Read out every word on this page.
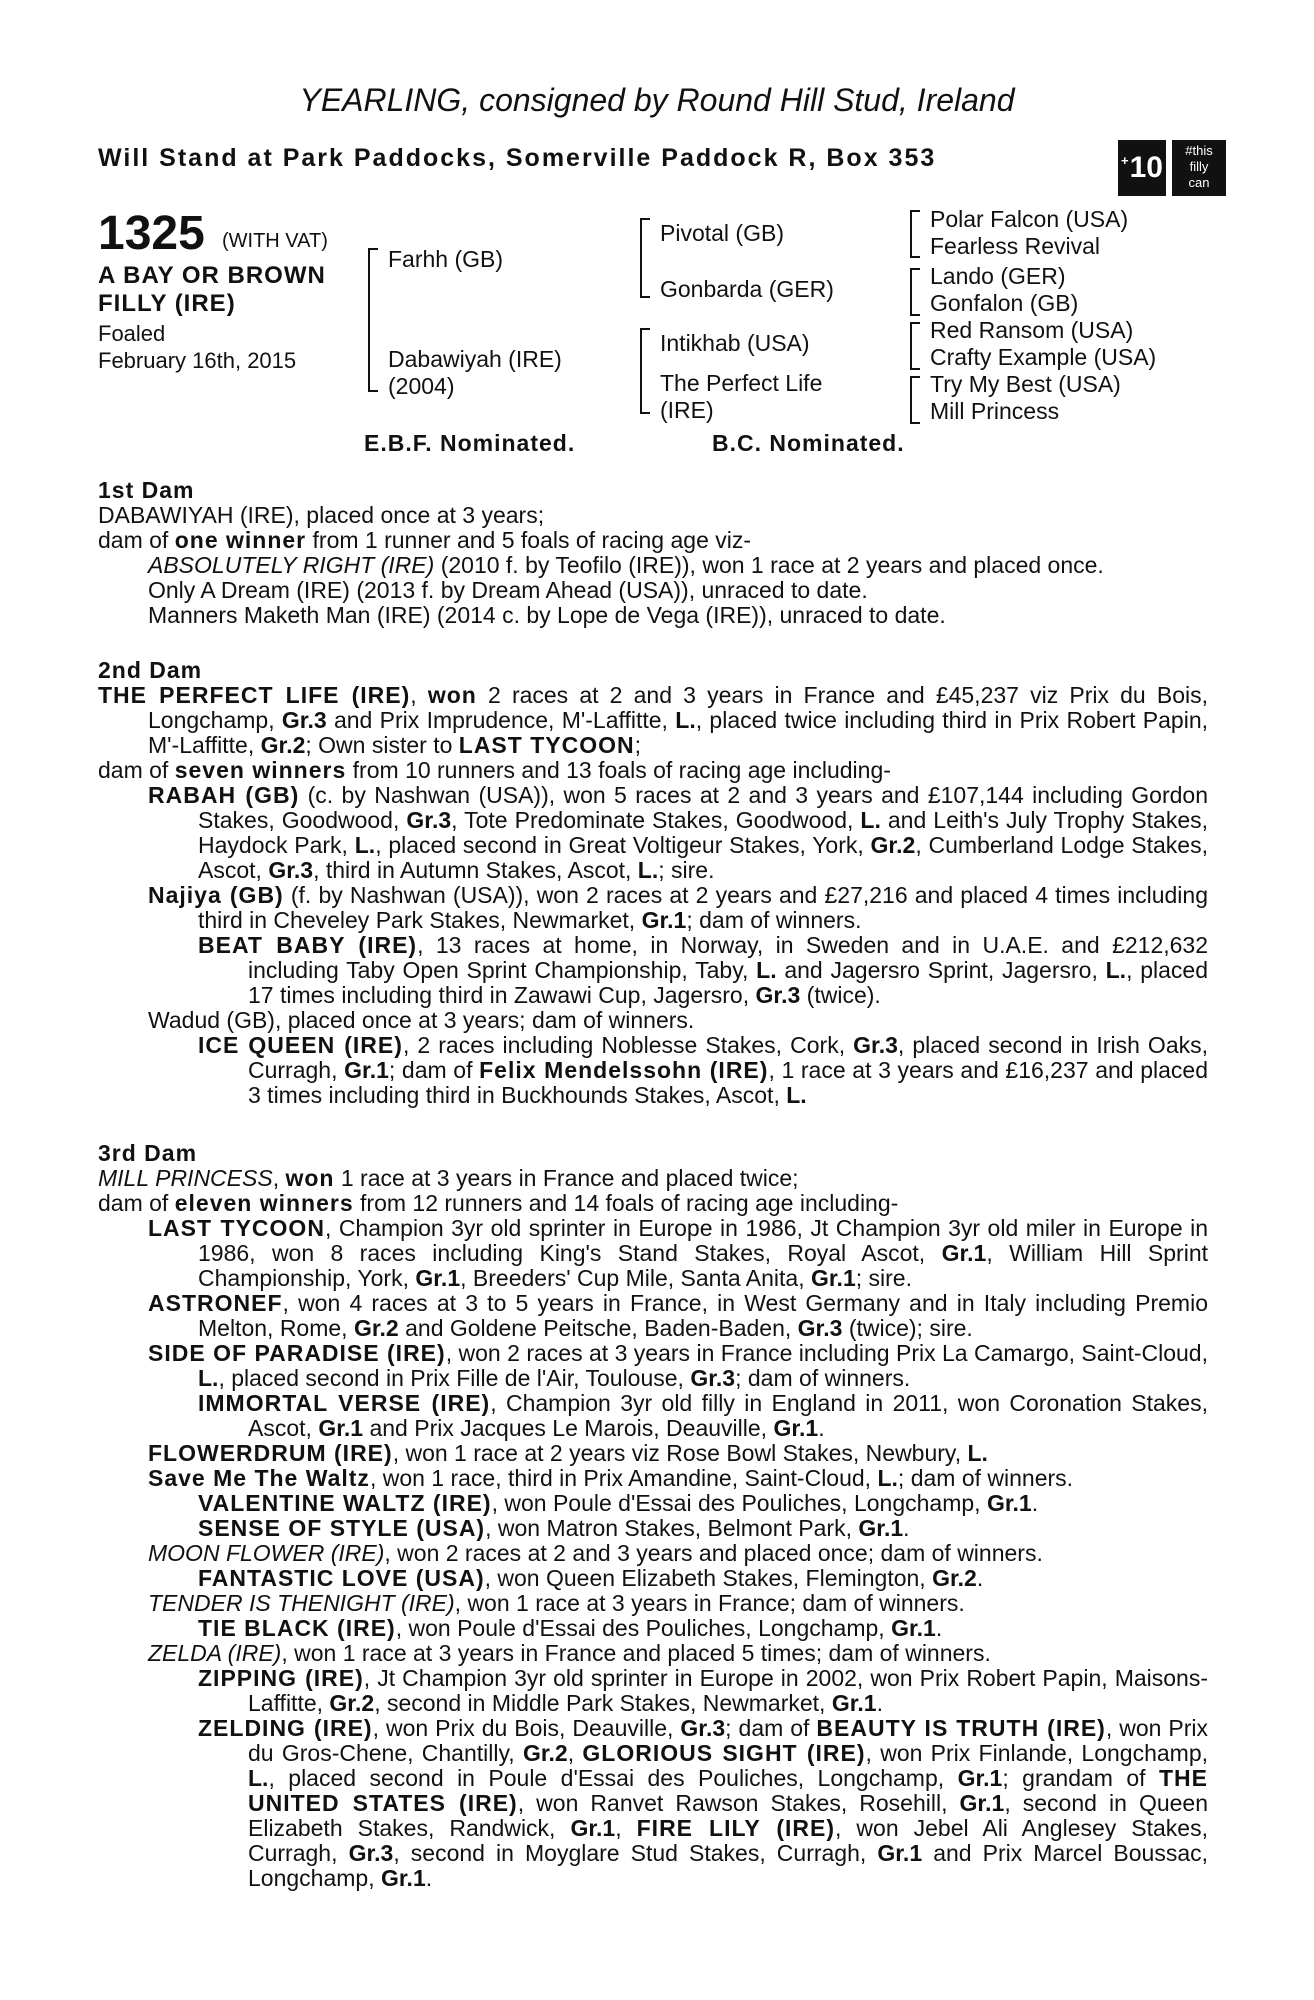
YEARLING, consigned by Round Hill Stud, Ireland
Will Stand at Park Paddocks, Somerville Paddock R, Box 353	+ 10
#this
filly
can
1325 (WITH VAT)
A BAY OR BROWN
FILLY (IRE)
Foaled
February 16th, 2015
Farhh (GB)
Dabawiyah (IRE)
(2004)
Pivotal (GB)
Gonbarda (GER)
Intikhab (USA)
The Perfect Life
(IRE)
Polar Falcon (USA)
Fearless Revival
Lando (GER)
Gonfalon (GB)
Red Ransom (USA)
Crafty Example (USA)
Try My Best (USA)
Mill Princess
E.B.F. Nominated.	B.C. Nominated.

1st Dam

DABAWIYAH (IRE), placed once at 3 years;

dam of one winner from 1 runner and 5 foals of racing age viz-

ABSOLUTELY RIGHT (IRE) (2010 f. by Teofilo (IRE)), won 1 race at 2 years and placed once.

Only A Dream (IRE) (2013 f. by Dream Ahead (USA)), unraced to date.

Manners Maketh Man (IRE) (2014 c. by Lope de Vega (IRE)), unraced to date.

2nd Dam

THE PERFECT LIFE (IRE), won 2 races at 2 and 3 years in France and £45,237 viz Prix du Bois, Longchamp, Gr.3 and Prix Imprudence, M'-Laffitte, L., placed twice including third in Prix Robert Papin, M'-Laffitte, Gr.2; Own sister to LAST TYCOON;

dam of seven winners from 10 runners and 13 foals of racing age including-

RABAH (GB) (c. by Nashwan (USA)), won 5 races at 2 and 3 years and £107,144 including Gordon Stakes, Goodwood, Gr.3, Tote Predominate Stakes, Goodwood, L. and Leith's July Trophy Stakes, Haydock Park, L., placed second in Great Voltigeur Stakes, York, Gr.2, Cumberland Lodge Stakes, Ascot, Gr.3, third in Autumn Stakes, Ascot, L.; sire.

Najiya (GB) (f. by Nashwan (USA)), won 2 races at 2 years and £27,216 and placed 4 times including third in Cheveley Park Stakes, Newmarket, Gr.1; dam of winners.

BEAT BABY (IRE), 13 races at home, in Norway, in Sweden and in U.A.E. and £212,632 including Taby Open Sprint Championship, Taby, L. and Jagersro Sprint, Jagersro, L., placed 17 times including third in Zawawi Cup, Jagersro, Gr.3 (twice).

Wadud (GB), placed once at 3 years; dam of winners.

ICE QUEEN (IRE), 2 races including Noblesse Stakes, Cork, Gr.3, placed second in Irish Oaks, Curragh, Gr.1; dam of Felix Mendelssohn (IRE), 1 race at 3 years and £16,237 and placed 3 times including third in Buckhounds Stakes, Ascot, L.

3rd Dam

MILL PRINCESS, won 1 race at 3 years in France and placed twice;

dam of eleven winners from 12 runners and 14 foals of racing age including-

LAST TYCOON, Champion 3yr old sprinter in Europe in 1986, Jt Champion 3yr old miler in Europe in 1986, won 8 races including King's Stand Stakes, Royal Ascot, Gr.1, William Hill Sprint Championship, York, Gr.1, Breeders' Cup Mile, Santa Anita, Gr.1; sire.

ASTRONEF, won 4 races at 3 to 5 years in France, in West Germany and in Italy including Premio Melton, Rome, Gr.2 and Goldene Peitsche, Baden-Baden, Gr.3 (twice); sire.

SIDE OF PARADISE (IRE), won 2 races at 3 years in France including Prix La Camargo, Saint-Cloud, L., placed second in Prix Fille de l'Air, Toulouse, Gr.3; dam of winners.

IMMORTAL VERSE (IRE), Champion 3yr old filly in England in 2011, won Coronation Stakes, Ascot, Gr.1 and Prix Jacques Le Marois, Deauville, Gr.1.

FLOWERDRUM (IRE), won 1 race at 2 years viz Rose Bowl Stakes, Newbury, L.

Save Me The Waltz, won 1 race, third in Prix Amandine, Saint-Cloud, L.; dam of winners.

VALENTINE WALTZ (IRE), won Poule d'Essai des Pouliches, Longchamp, Gr.1.

SENSE OF STYLE (USA), won Matron Stakes, Belmont Park, Gr.1.

MOON FLOWER (IRE), won 2 races at 2 and 3 years and placed once; dam of winners.

FANTASTIC LOVE (USA), won Queen Elizabeth Stakes, Flemington, Gr.2.

TENDER IS THENIGHT (IRE), won 1 race at 3 years in France; dam of winners.

TIE BLACK (IRE), won Poule d'Essai des Pouliches, Longchamp, Gr.1.

ZELDA (IRE), won 1 race at 3 years in France and placed 5 times; dam of winners.

ZIPPING (IRE), Jt Champion 3yr old sprinter in Europe in 2002, won Prix Robert Papin, Maisons-Laffitte, Gr.2, second in Middle Park Stakes, Newmarket, Gr.1.

ZELDING (IRE), won Prix du Bois, Deauville, Gr.3; dam of BEAUTY IS TRUTH (IRE), won Prix du Gros-Chene, Chantilly, Gr.2, GLORIOUS SIGHT (IRE), won Prix Finlande, Longchamp, L., placed second in Poule d'Essai des Pouliches, Longchamp, Gr.1; grandam of THE UNITED STATES (IRE), won Ranvet Rawson Stakes, Rosehill, Gr.1, second in Queen Elizabeth Stakes, Randwick, Gr.1, FIRE LILY (IRE), won Jebel Ali Anglesey Stakes, Curragh, Gr.3, second in Moyglare Stud Stakes, Curragh, Gr.1 and Prix Marcel Boussac, Longchamp, Gr.1.
